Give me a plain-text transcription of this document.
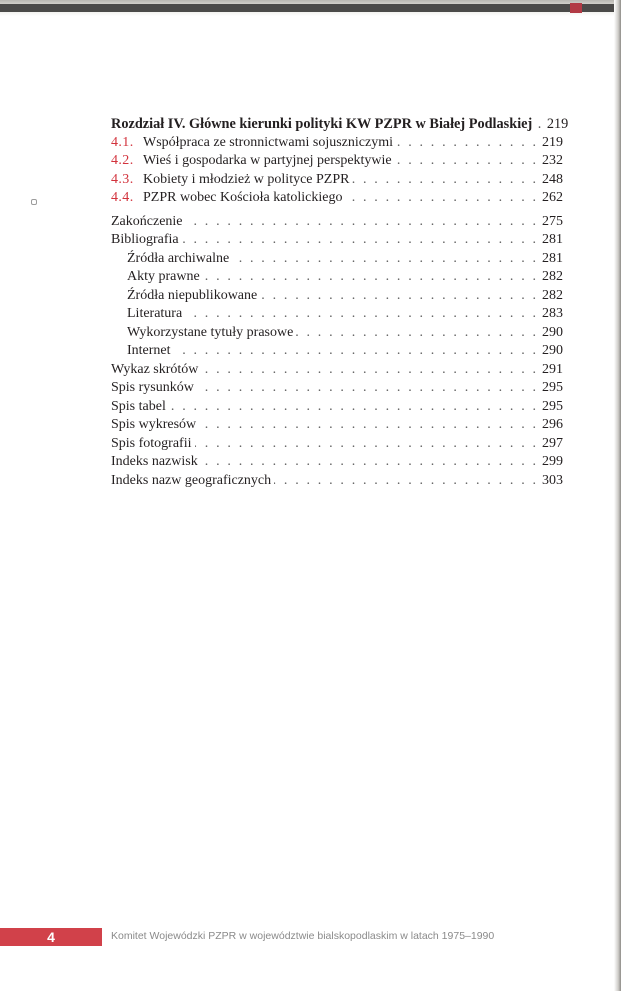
Rozdział IV. Główne kierunki polityki KW PZPR w Białej Podlaskiej . . .	219
4.1. Współpraca ze stronnictwami sojuszniczymi . . .	219
4.2. Wieś i gospodarka w partyjnej perspektywie . . .	232
4.3. Kobiety i młodzież w polityce PZPR . . .	248
4.4. PZPR wobec Kościoła katolickiego . . .	262
Zakończenie . . .	275
Bibliografia . . .	281
Źródła archiwalne . . .	281
Akty prawne . . .	282
Źródła niepublikowane . . .	282
Literatura . . .	283
Wykorzystane tytuły prasowe . . .	290
Internet . . .	290
Wykaz skrótów . . .	291
Spis rysunków . . .	295
Spis tabel . . .	295
Spis wykresów . . .	296
Spis fotografii . . .	297
Indeks nazwisk . . .	299
Indeks nazw geograficznych . . .	303
4	Komitet Wojewódzki PZPR w województwie bialskopodlaskim w latach 1975–1990
